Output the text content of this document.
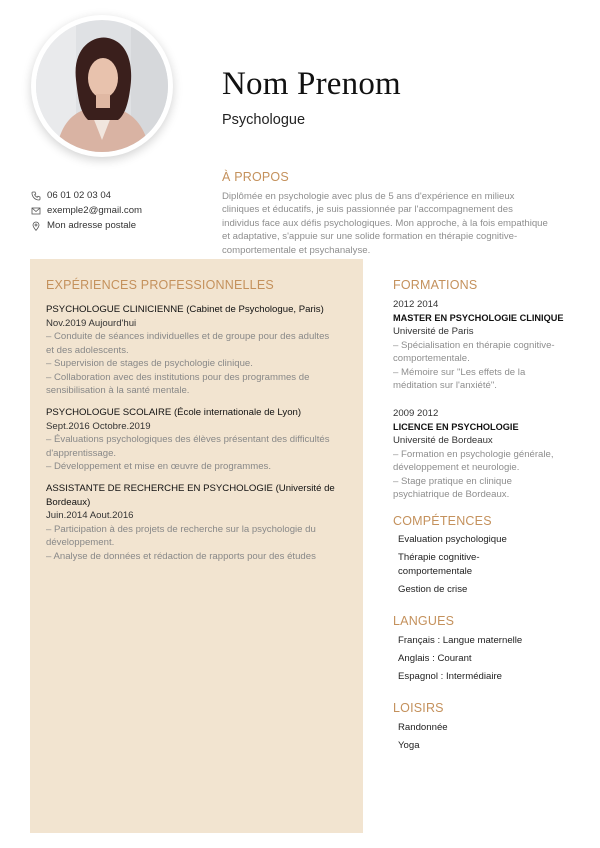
Nom Prenom
Psychologue
À PROPOS
Diplômée en psychologie avec plus de 5 ans d'expérience en milieux
cliniques et éducatifs, je suis passionnée par l'accompagnement des
individus face aux défis psychologiques. Mon approche, à la fois empathique
et adaptative, s'appuie sur une solide formation en thérapie cognitive-
comportementale et psychanalyse.
06 01 02 03 04
exemple2@gmail.com
Mon adresse postale
EXPÉRIENCES PROFESSIONNELLES
PSYCHOLOGUE CLINICIENNE (Cabinet de Psychologue, Paris)
Nov.2019 Aujourd'hui
– Conduite de séances individuelles et de groupe pour des adultes
et des adolescents.
– Supervision de stages de psychologie clinique.
– Collaboration avec des institutions pour des programmes de
sensibilisation à la santé mentale.
PSYCHOLOGUE SCOLAIRE (École internationale de Lyon)
Sept.2016 Octobre.2019
– Évaluations psychologiques des élèves présentant des difficultés
d'apprentissage.
– Développement et mise en œuvre de programmes.
ASSISTANTE DE RECHERCHE EN PSYCHOLOGIE (Université de
Bordeaux)
Juin.2014 Aout.2016
– Participation à des projets de recherche sur la psychologie du
développement.
– Analyse de données et rédaction de rapports pour des études
FORMATIONS
2012 2014
MASTER EN PSYCHOLOGIE CLINIQUE
Université de Paris
– Spécialisation en thérapie cognitive-
comportementale.
– Mémoire sur "Les effets de la
méditation sur l'anxiété".
2009 2012
LICENCE EN PSYCHOLOGIE
Université de Bordeaux
– Formation en psychologie générale,
développement et neurologie.
– Stage pratique en clinique
psychiatrique de Bordeaux.
COMPÉTENCES
Evaluation psychologique
Thérapie cognitive-
comportementale
Gestion de crise
LANGUES
Français : Langue maternelle
Anglais : Courant
Espagnol : Intermédiaire
LOISIRS
Randonnée
Yoga
